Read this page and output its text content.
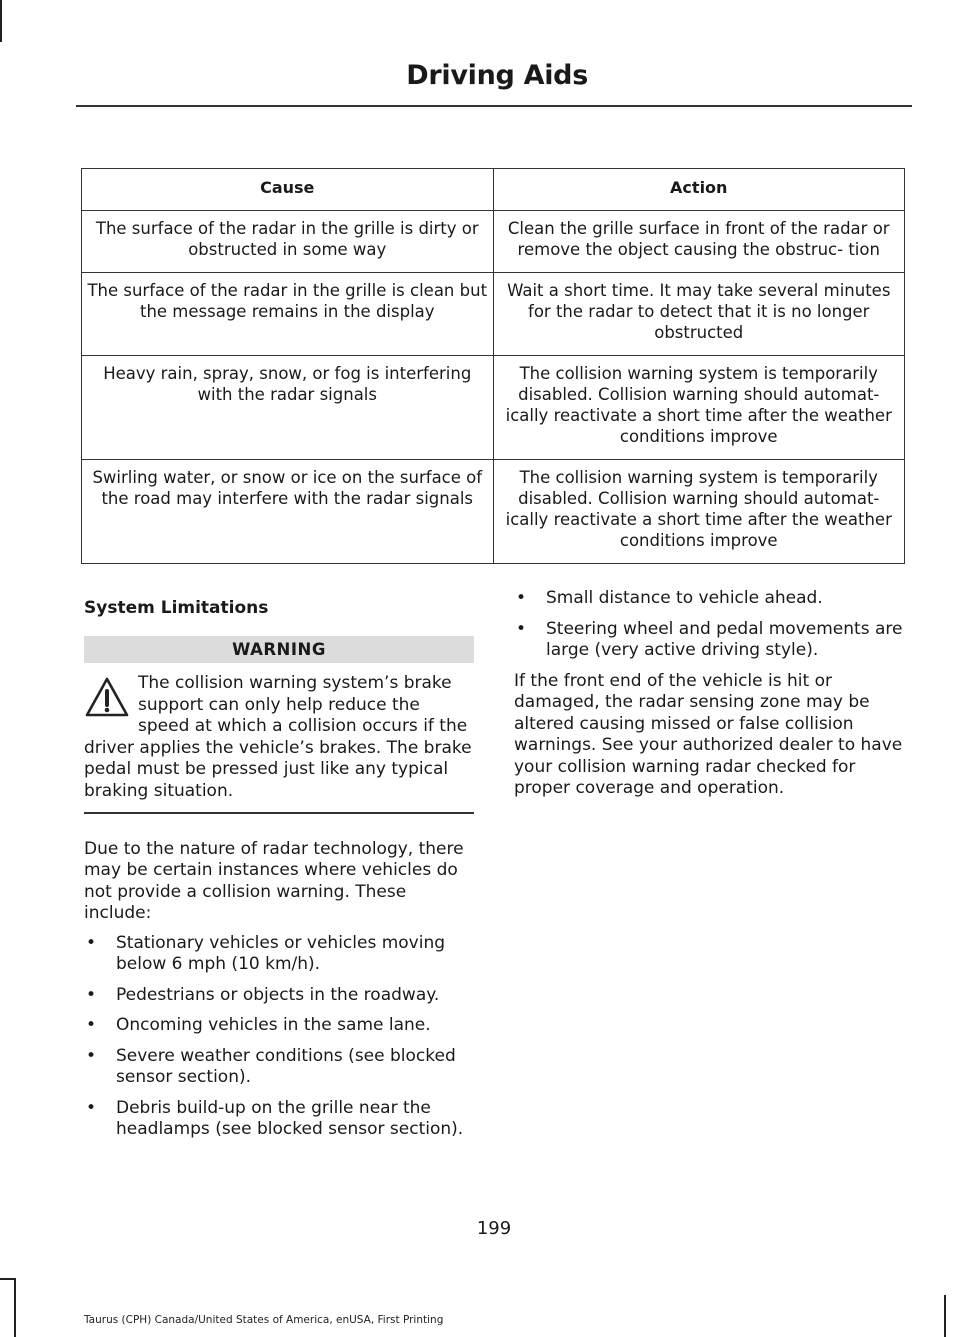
Driving Aids
Cause	Action
The surface of the radar in the grille is dirty or obstructed in some way	Clean the grille surface in front of the radar or remove the object causing the obstruc- tion
The surface of the radar in the grille is clean but the message remains in the display	Wait a short time. It may take several minutes for the radar to detect that it is no longer obstructed
Heavy rain, spray, snow, or fog is interfering with the radar signals	The collision warning system is temporarily disabled. Collision warning should automat- ically reactivate a short time after the weather conditions improve
Swirling water, or snow or ice on the surface of the road may interfere with the radar signals	The collision warning system is temporarily disabled. Collision warning should automat- ically reactivate a short time after the weather conditions improve
System Limitations
WARNING
The collision warning system’s brake support can only help reduce the speed at which a collision occurs if the driver applies the vehicle’s brakes. The brake pedal must be pressed just like any typical braking situation.

Due to the nature of radar technology, there may be certain instances where vehicles do not provide a collision warning. These include:

• Stationary vehicles or vehicles moving below 6 mph (10 km/h).
• Pedestrians or objects in the roadway.
• Oncoming vehicles in the same lane.
• Severe weather conditions (see blocked sensor section).
• Debris build-up on the grille near the headlamps (see blocked sensor section).
• Small distance to vehicle ahead.
• Steering wheel and pedal movements are large (very active driving style).

If the front end of the vehicle is hit or damaged, the radar sensing zone may be altered causing missed or false collision warnings. See your authorized dealer to have your collision warning radar checked for proper coverage and operation.

199
Taurus (CPH) Canada/United States of America, enUSA, First Printing
